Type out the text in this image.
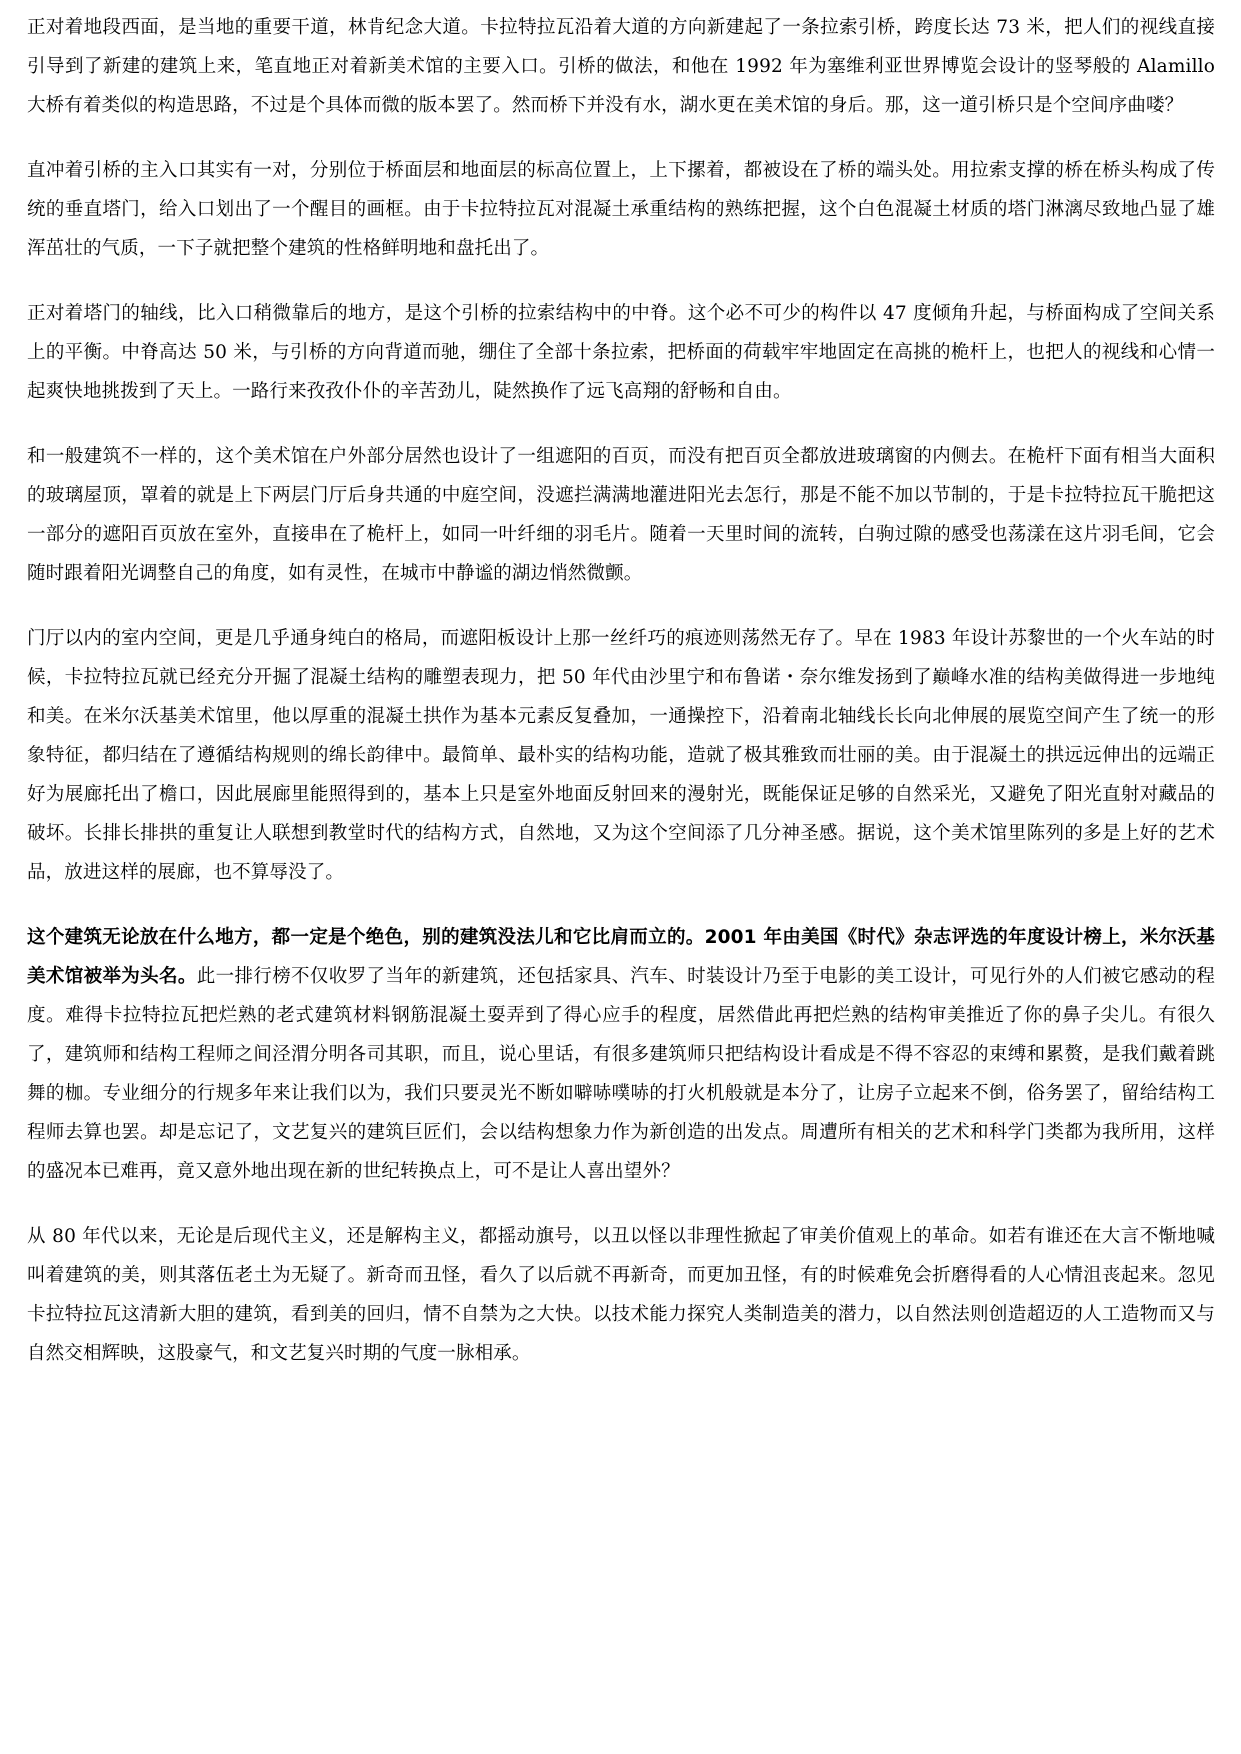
正对着地段西面，是当地的重要干道，林肯纪念大道。卡拉特拉瓦沿着大道的方向新建起了一条拉索引桥，跨度长达 73 米，把人们的视线直接引导到了新建的建筑上来，笔直地正对着新美术馆的主要入口。引桥的做法，和他在 1992 年为塞维利亚世界博览会设计的竖琴般的 Alamillo 大桥有着类似的构造思路，不过是个具体而微的版本罢了。然而桥下并没有水，湖水更在美术馆的身后。那，这一道引桥只是个空间序曲喽？

直冲着引桥的主入口其实有一对，分别位于桥面层和地面层的标高位置上，上下摞着，都被设在了桥的端头处。用拉索支撑的桥在桥头构成了传统的垂直塔门，给入口划出了一个醒目的画框。由于卡拉特拉瓦对混凝土承重结构的熟练把握，这个白色混凝土材质的塔门淋漓尽致地凸显了雄浑茁壮的气质，一下子就把整个建筑的性格鲜明地和盘托出了。

正对着塔门的轴线，比入口稍微靠后的地方，是这个引桥的拉索结构中的中脊。这个必不可少的构件以 47 度倾角升起，与桥面构成了空间关系上的平衡。中脊高达 50 米，与引桥的方向背道而驰，绷住了全部十条拉索，把桥面的荷载牢牢地固定在高挑的桅杆上，也把人的视线和心情一起爽快地挑拨到了天上。一路行来孜孜仆仆的辛苦劲儿，陡然换作了远飞高翔的舒畅和自由。

和一般建筑不一样的，这个美术馆在户外部分居然也设计了一组遮阳的百页，而没有把百页全都放进玻璃窗的内侧去。在桅杆下面有相当大面积的玻璃屋顶，罩着的就是上下两层门厅后身共通的中庭空间，没遮拦满满地灌进阳光去怎行，那是不能不加以节制的，于是卡拉特拉瓦干脆把这一部分的遮阳百页放在室外，直接串在了桅杆上，如同一叶纤细的羽毛片。随着一天里时间的流转，白驹过隙的感受也荡漾在这片羽毛间，它会随时跟着阳光调整自己的角度，如有灵性，在城市中静谧的湖边悄然微颤。

门厅以内的室内空间，更是几乎通身纯白的格局，而遮阳板设计上那一丝纤巧的痕迹则荡然无存了。早在 1983 年设计苏黎世的一个火车站的时候，卡拉特拉瓦就已经充分开掘了混凝土结构的雕塑表现力，把 50 年代由沙里宁和布鲁诺・奈尔维发扬到了巅峰水准的结构美做得进一步地纯和美。在米尔沃基美术馆里，他以厚重的混凝土拱作为基本元素反复叠加，一通操控下，沿着南北轴线长长向北伸展的展览空间产生了统一的形象特征，都归结在了遵循结构规则的绵长韵律中。最简单、最朴实的结构功能，造就了极其雅致而壮丽的美。由于混凝土的拱远远伸出的远端正好为展廊托出了檐口，因此展廊里能照得到的，基本上只是室外地面反射回来的漫射光，既能保证足够的自然采光，又避免了阳光直射对藏品的破坏。长排长排拱的重复让人联想到教堂时代的结构方式，自然地，又为这个空间添了几分神圣感。据说，这个美术馆里陈列的多是上好的艺术品，放进这样的展廊，也不算辱没了。

这个建筑无论放在什么地方，都一定是个绝色，别的建筑没法儿和它比肩而立的。2001 年由美国《时代》杂志评选的年度设计榜上，米尔沃基美术馆被举为头名。此一排行榜不仅收罗了当年的新建筑，还包括家具、汽车、时装设计乃至于电影的美工设计，可见行外的人们被它感动的程度。难得卡拉特拉瓦把烂熟的老式建筑材料钢筋混凝土耍弄到了得心应手的程度，居然借此再把烂熟的结构审美推近了你的鼻子尖儿。有很久了，建筑师和结构工程师之间泾渭分明各司其职，而且，说心里话，有很多建筑师只把结构设计看成是不得不容忍的束缚和累赘，是我们戴着跳舞的枷。专业细分的行规多年来让我们以为，我们只要灵光不断如噼哧噗哧的打火机般就是本分了，让房子立起来不倒，俗务罢了，留给结构工程师去算也罢。却是忘记了，文艺复兴的建筑巨匠们，会以结构想象力作为新创造的出发点。周遭所有相关的艺术和科学门类都为我所用，这样的盛况本已难再，竟又意外地出现在新的世纪转换点上，可不是让人喜出望外？

从 80 年代以来，无论是后现代主义，还是解构主义，都摇动旗号，以丑以怪以非理性掀起了审美价值观上的革命。如若有谁还在大言不惭地喊叫着建筑的美，则其落伍老土为无疑了。新奇而丑怪，看久了以后就不再新奇，而更加丑怪，有的时候难免会折磨得看的人心情沮丧起来。忽见卡拉特拉瓦这清新大胆的建筑，看到美的回归，情不自禁为之大快。以技术能力探究人类制造美的潜力，以自然法则创造超迈的人工造物而又与自然交相辉映，这股豪气，和文艺复兴时期的气度一脉相承。
